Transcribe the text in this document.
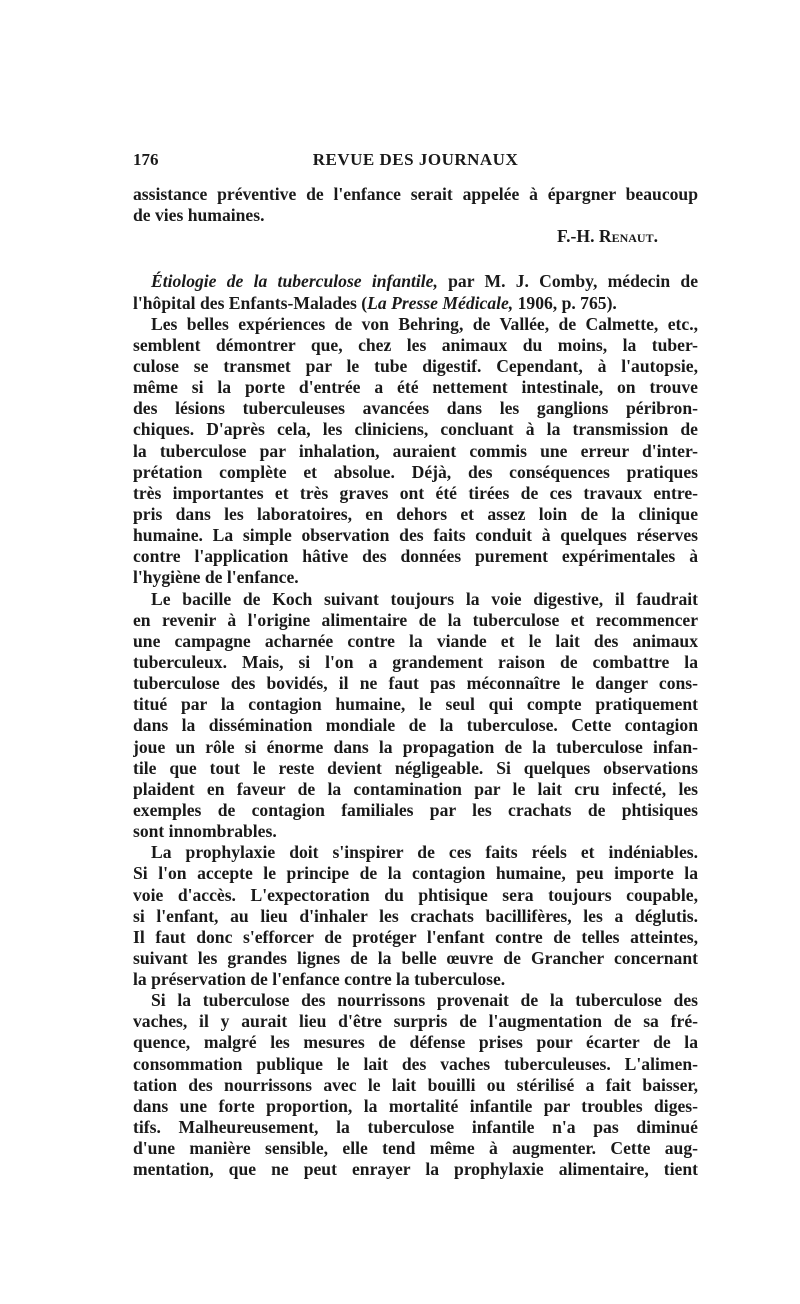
176	REVUE DES JOURNAUX
assistance préventive de l'enfance serait appelée à épargner beaucoup
de vies humaines.
F.-H. Renaut.
Étiologie de la tuberculose infantile, par M. J. Comby, médecin de
l'hôpital des Enfants-Malades (La Presse Médicale, 1906, p. 765).
Les belles expériences de von Behring, de Vallée, de Calmette, etc.,
semblent démontrer que, chez les animaux du moins, la tuber-
culose se transmet par le tube digestif. Cependant, à l'autopsie,
même si la porte d'entrée a été nettement intestinale, on trouve
des lésions tuberculeuses avancées dans les ganglions péribron-
chiques. D'après cela, les cliniciens, concluant à la transmission de
la tuberculose par inhalation, auraient commis une erreur d'inter-
prétation complète et absolue. Déjà, des conséquences pratiques
très importantes et très graves ont été tirées de ces travaux entre-
pris dans les laboratoires, en dehors et assez loin de la clinique
humaine. La simple observation des faits conduit à quelques réserves
contre l'application hâtive des données purement expérimentales à
l'hygiène de l'enfance.
Le bacille de Koch suivant toujours la voie digestive, il faudrait
en revenir à l'origine alimentaire de la tuberculose et recommencer
une campagne acharnée contre la viande et le lait des animaux
tuberculeux. Mais, si l'on a grandement raison de combattre la
tuberculose des bovidés, il ne faut pas méconnaître le danger cons-
titué par la contagion humaine, le seul qui compte pratiquement
dans la dissémination mondiale de la tuberculose. Cette contagion
joue un rôle si énorme dans la propagation de la tuberculose infan-
tile que tout le reste devient négligeable. Si quelques observations
plaident en faveur de la contamination par le lait cru infecté, les
exemples de contagion familiales par les crachats de phtisiques
sont innombrables.
La prophylaxie doit s'inspirer de ces faits réels et indéniables.
Si l'on accepte le principe de la contagion humaine, peu importe la
voie d'accès. L'expectoration du phtisique sera toujours coupable,
si l'enfant, au lieu d'inhaler les crachats bacillifères, les a déglutis.
Il faut donc s'efforcer de protéger l'enfant contre de telles atteintes,
suivant les grandes lignes de la belle œuvre de Grancher concernant
la préservation de l'enfance contre la tuberculose.
Si la tuberculose des nourrissons provenait de la tuberculose des
vaches, il y aurait lieu d'être surpris de l'augmentation de sa fré-
quence, malgré les mesures de défense prises pour écarter de la
consommation publique le lait des vaches tuberculeuses. L'alimen-
tation des nourrissons avec le lait bouilli ou stérilisé a fait baisser,
dans une forte proportion, la mortalité infantile par troubles diges-
tifs. Malheureusement, la tuberculose infantile n'a pas diminué
d'une manière sensible, elle tend même à augmenter. Cette aug-
mentation, que ne peut enrayer la prophylaxie alimentaire, tient
